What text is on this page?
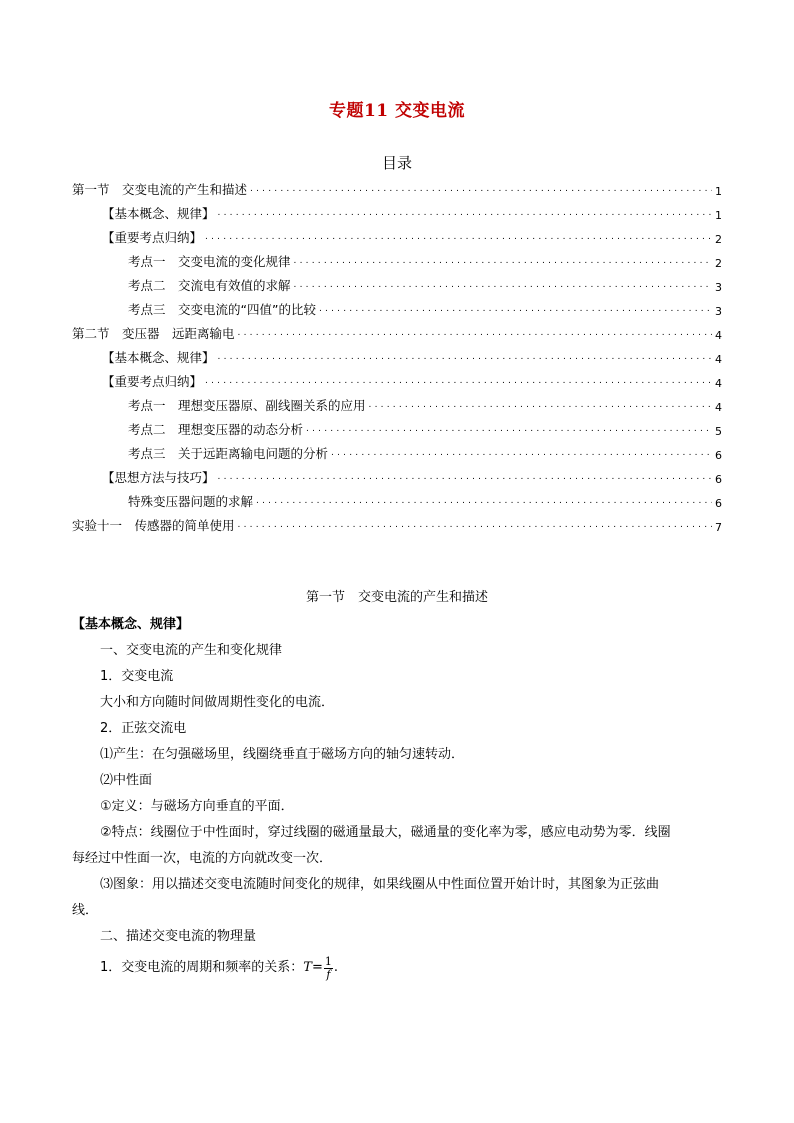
专题11 交变电流
目录
第一节　交变电流的产生和描述 .....	1
【基本概念、规律】 .....	1
【重要考点归纳】 .....	2
考点一　交变电流的变化规律 .....	2
考点二　交流电有效值的求解 .....	3
考点三　交变电流的“四值”的比较 .....	3
第二节　变压器　远距离输电 .....	4
【基本概念、规律】 .....	4
【重要考点归纳】 .....	4
考点一　理想变压器原、副线圈关系的应用 .....	4
考点二　理想变压器的动态分析 .....	5
考点三　关于远距离输电问题的分析 .....	6
【思想方法与技巧】 .....	6
特殊变压器问题的求解 .....	6
实验十一　传感器的简单使用 .....	7
第一节　交变电流的产生和描述
【基本概念、规律】
一、交变电流的产生和变化规律
1．交变电流
大小和方向随时间做周期性变化的电流．
2．正弦交流电
⑴产生：在匀强磁场里，线圈绕垂直于磁场方向的轴匀速转动．
⑵中性面
①定义：与磁场方向垂直的平面．
②特点：线圈位于中性面时，穿过线圈的磁通量最大，磁通量的变化率为零，感应电动势为零．线圈
每经过中性面一次，电流的方向就改变一次．
⑶图象：用以描述交变电流随时间变化的规律，如果线圈从中性面位置开始计时，其图象为正弦曲
线．
二、描述交变电流的物理量
1．交变电流的周期和频率的关系： $T = \frac{1}{f}$ .
